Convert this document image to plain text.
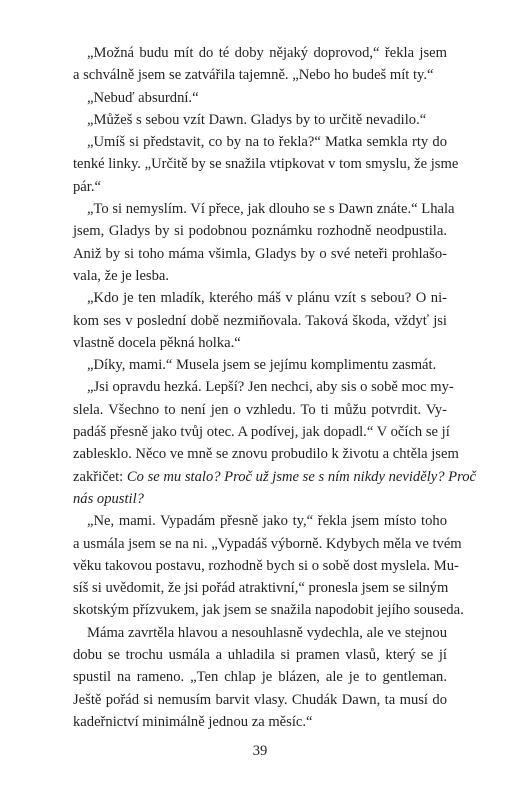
„Možná budu mít do té doby nějaký doprovod,“ řekla jsem
a schválně jsem se zatvářila tajemně. „Nebo ho budeš mít ty.“
„Nebuď absurdní.“
„Můžeš s sebou vzít Dawn. Gladys by to určitě nevadilo.“
„Umíš si představit, co by na to řekla?“ Matka semkla rty do
tenké linky. „Určitě by se snažila vtipkovat v tom smyslu, že jsme
pár.“
„To si nemyslím. Ví přece, jak dlouho se s Dawn znáte.“ Lhala
jsem, Gladys by si podobnou poznámku rozhodně neodpustila.
Aniž by si toho máma všimla, Gladys by o své neteři prohlašo-
vala, že je lesba.
„Kdo je ten mladík, kterého máš v plánu vzít s sebou? O ni-
kom ses v poslední době nezmiňovala. Taková škoda, vždyť jsi
vlastně docela pěkná holka.“
„Díky, mami.“ Musela jsem se jejímu komplimentu zasmát.
„Jsi opravdu hezká. Lepší? Jen nechci, aby sis o sobě moc my-
slela. Všechno to není jen o vzhledu. To ti můžu potvrdit. Vy-
padáš přesně jako tvůj otec. A podívej, jak dopadl.“ V očích se jí
zablesklo. Něco ve mně se znovu probudilo k životu a chtěla jsem
zakřičet: Co se mu stalo? Proč už jsme se s ním nikdy neviděly? Proč
nás opustil?
„Ne, mami. Vypadám přesně jako ty,“ řekla jsem místo toho
a usmála jsem se na ni. „Vypadáš výborně. Kdybych měla ve tvém
věku takovou postavu, rozhodně bych si o sobě dost myslela. Mu-
síš si uvědomit, že jsi pořád atraktivní,“ pronesla jsem se silným
skotským přízvukem, jak jsem se snažila napodobit jejího souseda.
Máma zavrtěla hlavou a nesouhlasně vydechla, ale ve stejnou
dobu se trochu usmála a uhladila si pramen vlasů, který se jí
spustil na rameno. „Ten chlap je blázen, ale je to gentleman.
Ještě pořád si nemusím barvit vlasy. Chudák Dawn, ta musí do
kadeřnictví minimálně jednou za měsíc.“
39
